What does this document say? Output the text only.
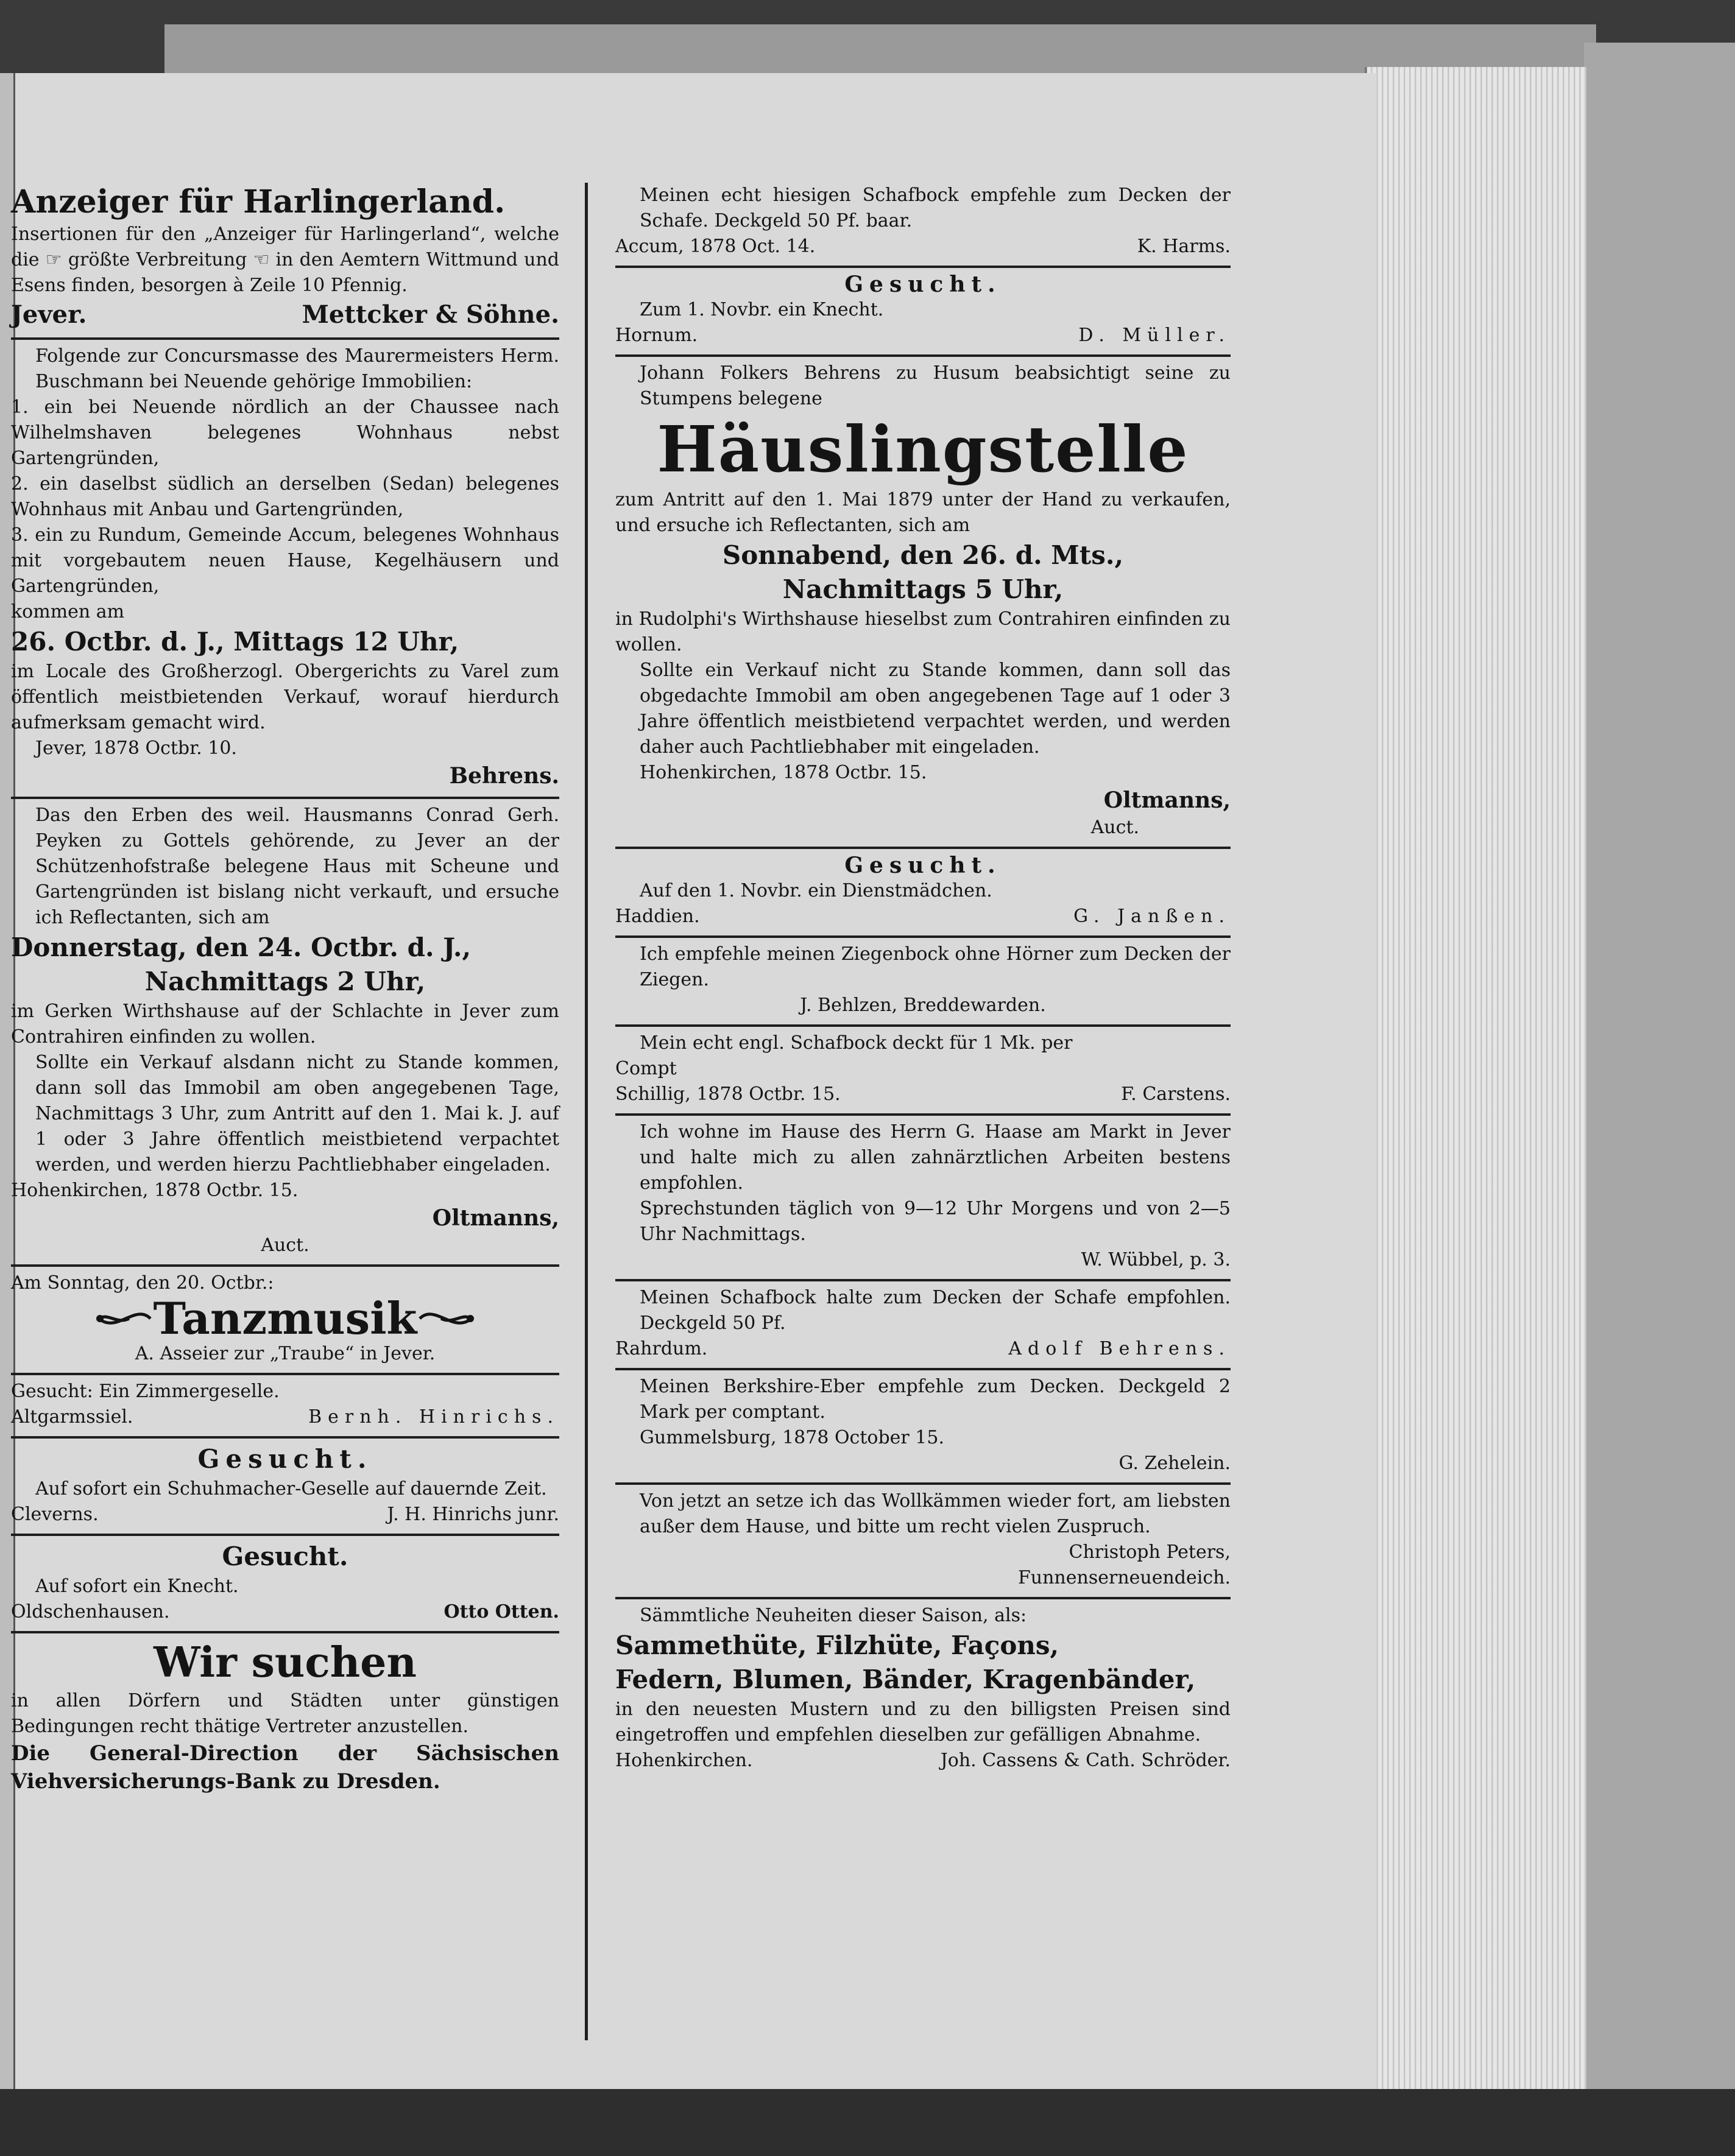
Anzeiger für Harlingerland.
Insertionen für den „Anzeiger für Harlingerland“, welche die ☞ größte Verbreitung ☜ in den Aemtern Wittmund und Esens finden, besorgen à Zeile 10 Pfennig.
Jever.	Mettcker & Söhne.
Folgende zur Concursmasse des Maurermeisters Herm. Buschmann bei Neuende gehörige Immobilien:
1. ein bei Neuende nördlich an der Chaussee nach Wilhelmshaven belegenes Wohnhaus nebst Gartengründen,
2. ein daselbst südlich an derselben (Sedan) belegenes Wohnhaus mit Anbau und Gartengründen,
3. ein zu Rundum, Gemeinde Accum, belegenes Wohnhaus mit vorgebautem neuen Hause, Kegelhäusern und Gartengründen,
kommen am
26. Octbr. d. J., Mittags 12 Uhr,
im Locale des Großherzogl. Obergerichts zu Varel zum öffentlich meistbietenden Verkauf, worauf hierdurch aufmerksam gemacht wird.
Jever, 1878 Octbr. 10.
Behrens.
Das den Erben des weil. Hausmanns Conrad Gerh. Peyken zu Gottels gehörende, zu Jever an der Schützenhofstraße belegene Haus mit Scheune und Gartengründen ist bislang nicht verkauft, und ersuche ich Reflectanten, sich am
Donnerstag, den 24. Octbr. d. J.,
Nachmittags 2 Uhr,
im Gerken Wirthshause auf der Schlachte in Jever zum Contrahiren einfinden zu wollen.
Sollte ein Verkauf alsdann nicht zu Stande kommen, dann soll das Immobil am oben angegebenen Tage, Nachmittags 3 Uhr, zum Antritt auf den 1. Mai k. J. auf 1 oder 3 Jahre öffentlich meistbietend verpachtet werden, und werden hierzu Pachtliebhaber eingeladen.
Hohenkirchen, 1878 Octbr. 15.
Oltmanns,
Auct.
Am Sonntag, den 20. Octbr.:
Tanzmusik
A. Asseier zur „Traube“ in Jever.
Gesucht: Ein Zimmergeselle.
Altgarmssiel.	Bernh. Hinrichs.
Gesucht.
Auf sofort ein Schuhmacher-Geselle auf dauernde Zeit.
Cleverns.	J. H. Hinrichs junr.
Gesucht.
Auf sofort ein Knecht.
Oldschenhausen.	Otto Otten.
Wir suchen
in allen Dörfern und Städten unter günstigen Bedingungen recht thätige Vertreter anzustellen.
Die General-Direction der Sächsischen Viehversicherungs-Bank zu Dresden.
Meinen echt hiesigen Schafbock empfehle zum Decken der Schafe. Deckgeld 50 Pf. baar.
Accum, 1878 Oct. 14.	K. Harms.
Gesucht.
Zum 1. Novbr. ein Knecht.
Hornum.	D. Müller.
Johann Folkers Behrens zu Husum beabsichtigt seine zu Stumpens belegene
Häuslingstelle
zum Antritt auf den 1. Mai 1879 unter der Hand zu verkaufen, und ersuche ich Reflectanten, sich am
Sonnabend, den 26. d. Mts.,
Nachmittags 5 Uhr,
in Rudolphi's Wirthshause hieselbst zum Contrahiren einfinden zu wollen.
Sollte ein Verkauf nicht zu Stande kommen, dann soll das obgedachte Immobil am oben angegebenen Tage auf 1 oder 3 Jahre öffentlich meistbietend verpachtet werden, und werden daher auch Pachtliebhaber mit eingeladen.
Hohenkirchen, 1878 Octbr. 15.
Oltmanns,
Auct.
Gesucht.
Auf den 1. Novbr. ein Dienstmädchen.
Haddien.	G. Janßen.
Ich empfehle meinen Ziegenbock ohne Hörner zum Decken der Ziegen.
J. Behlzen, Breddewarden.
Mein echt engl. Schafbock deckt für 1 Mk. per
Compt
Schillig, 1878 Octbr. 15.	F. Carstens.
Ich wohne im Hause des Herrn G. Haase am Markt in Jever und halte mich zu allen zahnärztlichen Arbeiten bestens empfohlen.
Sprechstunden täglich von 9—12 Uhr Morgens und von 2—5 Uhr Nachmittags.
W. Wübbel, p. 3.
Meinen Schafbock halte zum Decken der Schafe empfohlen. Deckgeld 50 Pf.
Rahrdum.	Adolf Behrens.
Meinen Berkshire-Eber empfehle zum Decken. Deckgeld 2 Mark per comptant.
Gummelsburg, 1878 October 15.
G. Zehelein.
Von jetzt an setze ich das Wollkämmen wieder fort, am liebsten außer dem Hause, und bitte um recht vielen Zuspruch.
Christoph Peters,
Funnenserneuendeich.
Sämmtliche Neuheiten dieser Saison, als:
Sammethüte, Filzhüte, Façons,
Federn, Blumen, Bänder, Kragenbänder,
in den neuesten Mustern und zu den billigsten Preisen sind eingetroffen und empfehlen dieselben zur gefälligen Abnahme.
Hohenkirchen.	Joh. Cassens & Cath. Schröder.
